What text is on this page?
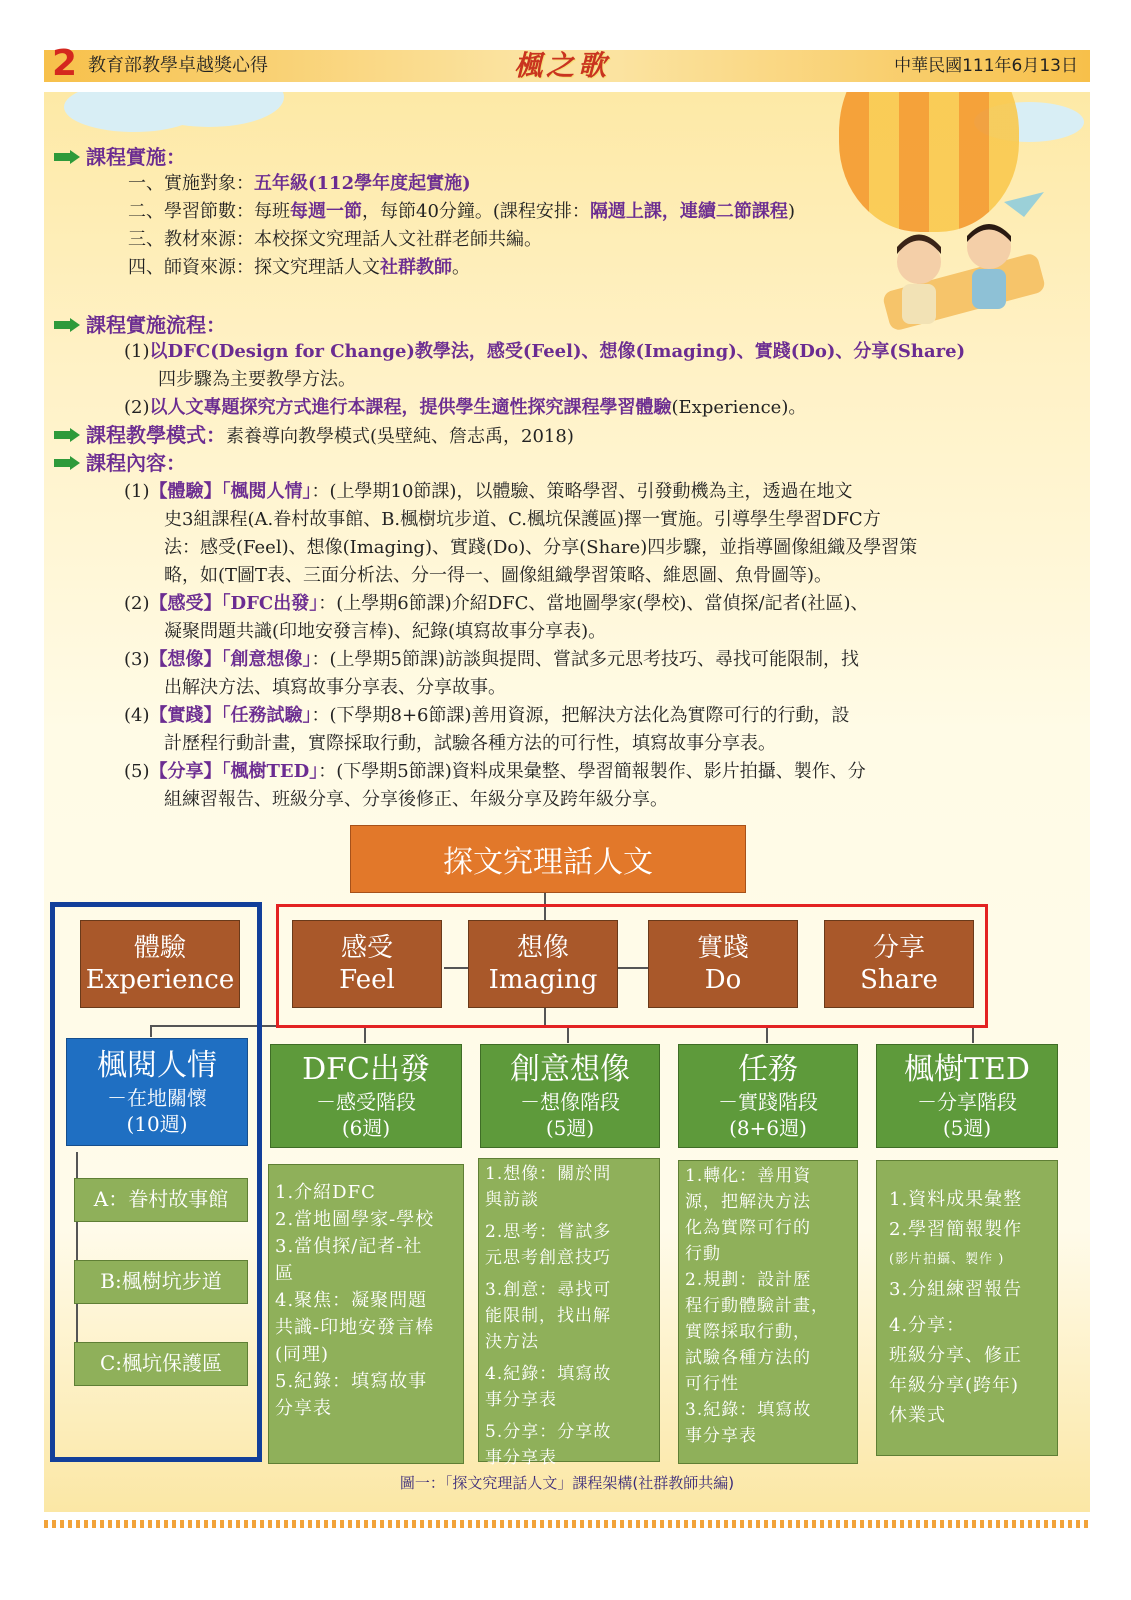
2 教育部教學卓越獎心得	楓之歌	中華民國111年6月13日
課程實施：
一、實施對象：五年級(112學年度起實施)
二、學習節數：每班每週一節，每節40分鐘。(課程安排：隔週上課，連續二節課程)
三、教材來源：本校探文究理話人文社群老師共編。
四、師資來源：探文究理話人文社群教師。
課程實施流程：
(1)以DFC(Design for Change)教學法，感受(Feel)、想像(Imaging)、實踐(Do)、分享(Share)
四步驟為主要教學方法。
(2)以人文專題探究方式進行本課程，提供學生適性探究課程學習體驗(Experience)。
課程教學模式：素養導向教學模式(吳壁純、詹志禹，2018)
課程內容：
(1)【體驗】「楓閱人情」：(上學期10節課)，以體驗、策略學習、引發動機為主，透過在地文
史3組課程(A.眷村故事館、B.楓樹坑步道、C.楓坑保護區)擇一實施。引導學生學習DFC方
法：感受(Feel)、想像(Imaging)、實踐(Do)、分享(Share)四步驟，並指導圖像組織及學習策
略，如(T圖T表、三面分析法、分一得一、圖像組織學習策略、維恩圖、魚骨圖等)。
(2)【感受】「DFC出發」：(上學期6節課)介紹DFC、當地圖學家(學校)、當偵探/記者(社區)、
凝聚問題共識(印地安發言棒)、紀錄(填寫故事分享表)。
(3)【想像】「創意想像」：(上學期5節課)訪談與提問、嘗試多元思考技巧、尋找可能限制，找
出解決方法、填寫故事分享表、分享故事。
(4)【實踐】「任務試驗」：(下學期8+6節課)善用資源，把解決方法化為實際可行的行動，設
計歷程行動計畫，實際採取行動，試驗各種方法的可行性，填寫故事分享表。
(5)【分享】「楓樹TED」：(下學期5節課)資料成果彙整、學習簡報製作、影片拍攝、製作、分
組練習報告、班級分享、分享後修正、年級分享及跨年級分享。
探文究理話人文
體驗
Experience
感受
Feel
想像
Imaging
實踐
Do
分享
Share
楓閱人情
－在地關懷
(10週)
DFC出發
－感受階段
(6週)
創意想像
－想像階段
(5週)
任務
－實踐階段
(8+6週)
楓樹TED
－分享階段
(5週)
A：眷村故事館
B:楓樹坑步道
C:楓坑保護區
1.介紹DFC
2.當地圖學家-學校
3.當偵探/記者-社
區
4.聚焦：凝聚問題
共識-印地安發言棒
(同理)
5.紀錄：填寫故事
分享表
1.想像：關於問
與訪談
2.思考：嘗試多
元思考創意技巧
3.創意：尋找可
能限制，找出解
決方法
4.紀錄：填寫故
事分享表
5.分享：分享故
事分享表
1.轉化：善用資
源，把解決方法
化為實際可行的
行動
2.規劃：設計歷
程行動體驗計畫，
實際採取行動，
試驗各種方法的
可行性
3.紀錄：填寫故
事分享表
1.資料成果彙整
2.學習簡報製作
(影片拍攝、製作 )
3.分組練習報告
4.分享：
班級分享、修正
年級分享(跨年)
休業式
圖一：「探文究理話人文」課程架構(社群教師共編)
